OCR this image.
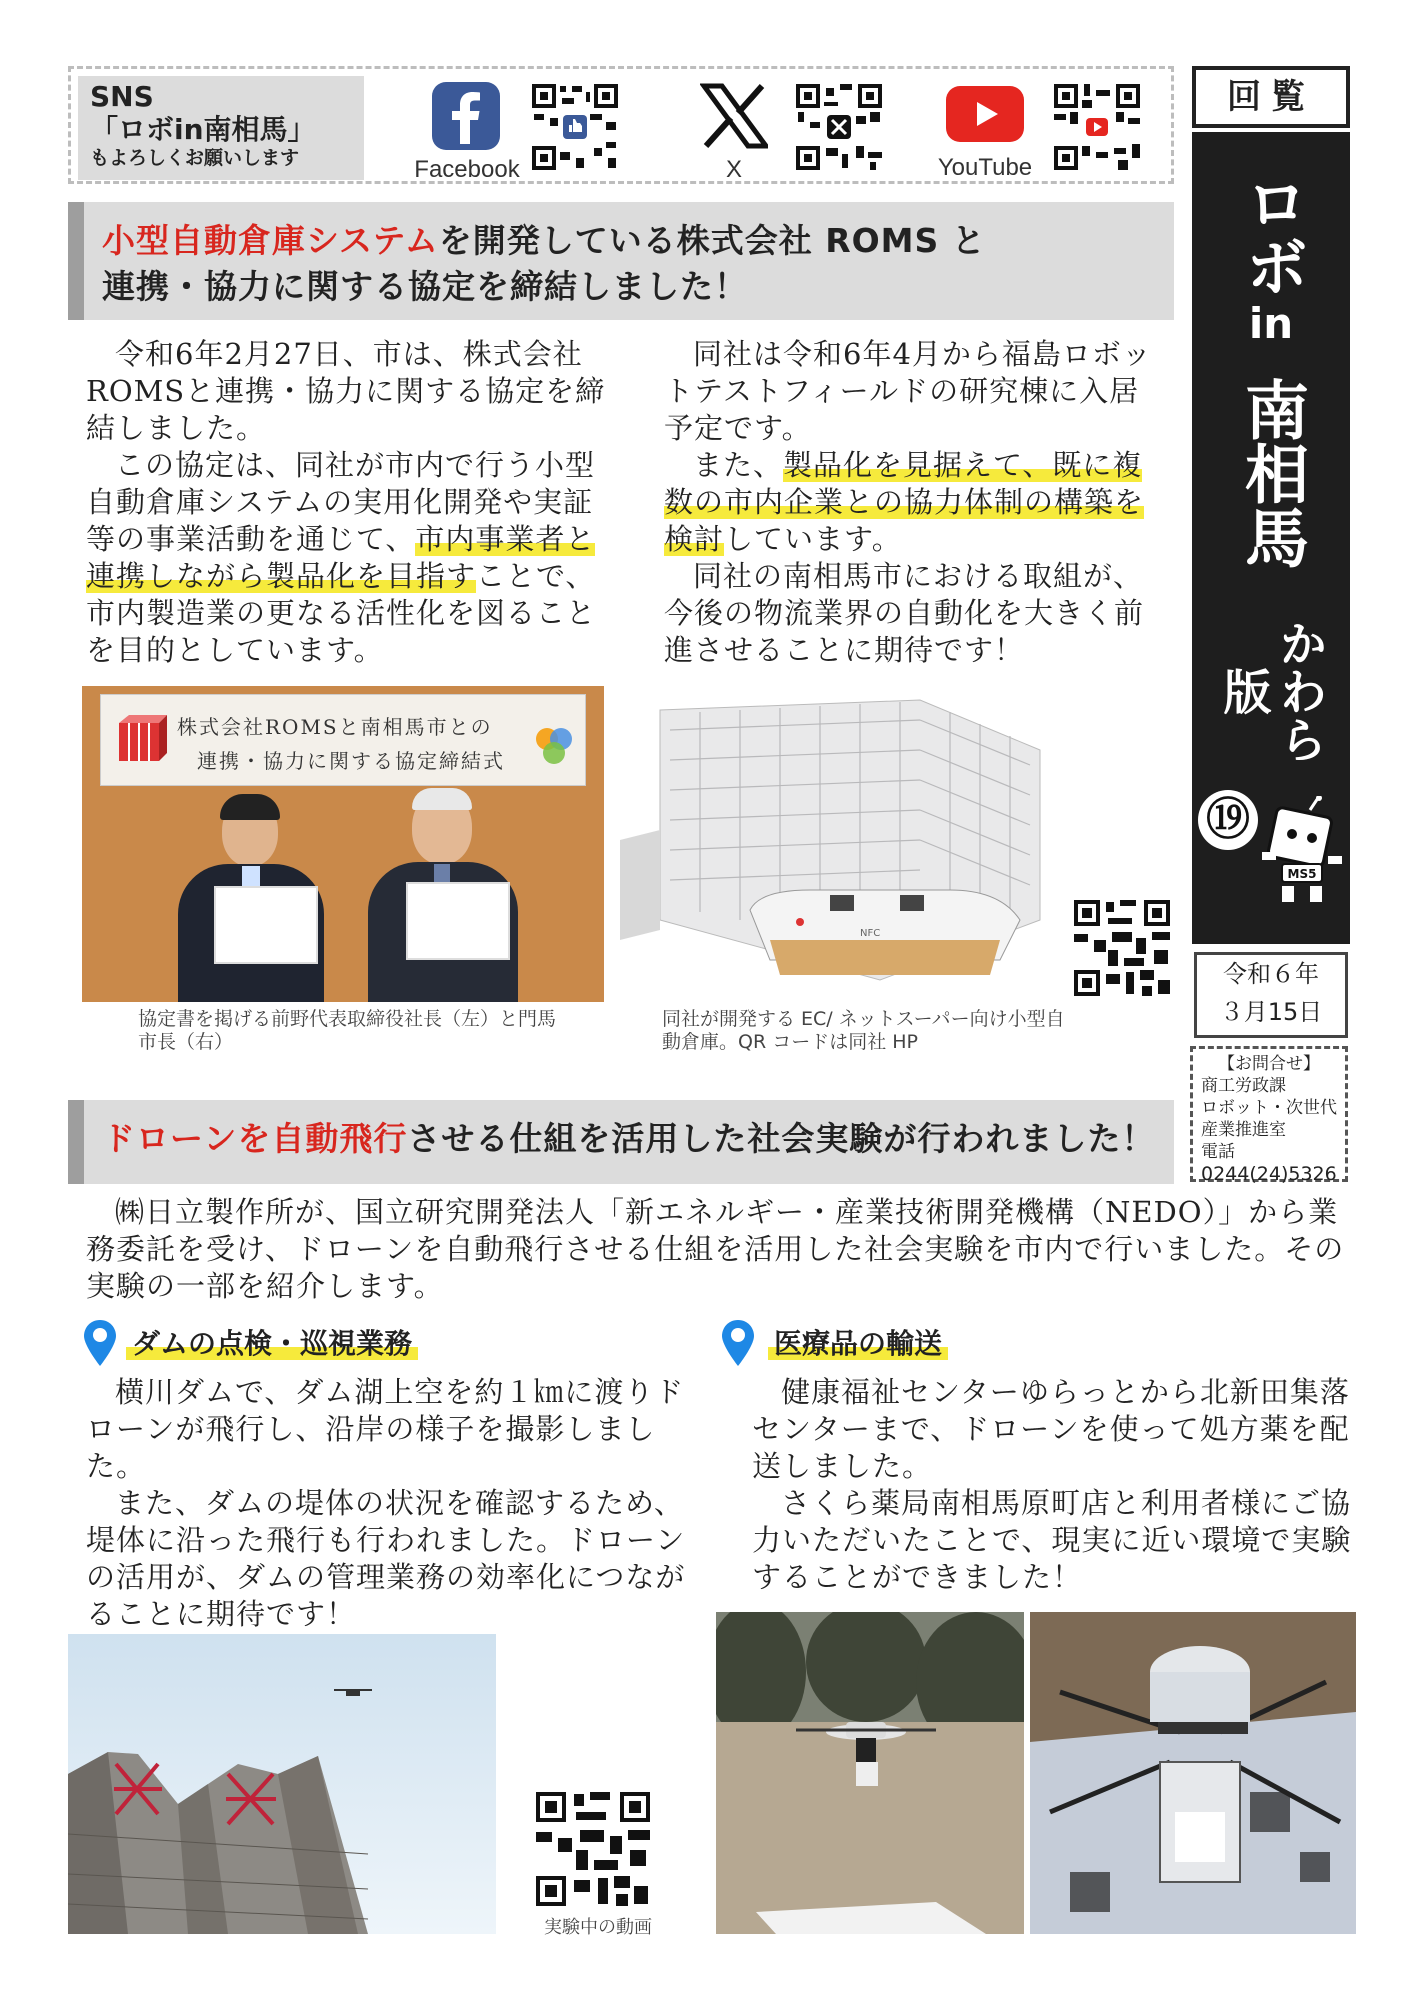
SNS
「ロボin南相馬」
もよろしくお願いします	Facebook	X	YouTube
回覧
ロボ
in
南相馬
かわら版
⑲
MS5
令和６年
３月15日
【お問合せ】
商工労政課
ロボット・次世代
産業推進室
電話
0244(24)5326
小型自動倉庫システムを開発している株式会社 ROMS と
連携・協力に関する協定を締結しました！

令和6年2月27日、市は、株式会社ROMSと連携・協力に関する協定を締結しました。

この協定は、同社が市内で行う小型自動倉庫システムの実用化開発や実証等の事業活動を通じて、市内事業者と連携しながら製品化を目指すことで、市内製造業の更なる活性化を図ることを目的としています。

同社は令和6年4月から福島ロボットテストフィールドの研究棟に入居予定です。

また、製品化を見据えて、既に複数の市内企業との協力体制の構築を検討しています。

同社の南相馬市における取組が、今後の物流業界の自動化を大きく前進させることに期待です！

株式会社ROMSと南相馬市との
連携・協力に関する協定締結式
NFC
協定書を掲げる前野代表取締役社長（左）と門馬市長（右）
同社が開発する EC/ ネットスーパー向け小型自動倉庫。QR コードは同社 HP
ドローンを自動飛行させる仕組を活用した社会実験が行われました！
㈱日立製作所が、国立研究開発法人「新エネルギー・産業技術開発機構（NEDO）」から業務委託を受け、ドローンを自動飛行させる仕組を活用した社会実験を市内で行いました。その実験の一部を紹介します。
ダムの点検・巡視業務

横川ダムで、ダム湖上空を約１㎞に渡りドローンが飛行し、沿岸の様子を撮影しました。

また、ダムの堤体の状況を確認するため、堤体に沿った飛行も行われました。ドローンの活用が、ダムの管理業務の効率化につながることに期待です！

医療品の輸送

健康福祉センターゆらっとから北新田集落センターまで、ドローンを使って処方薬を配送しました。

さくら薬局南相馬原町店と利用者様にご協力いただいたことで、現実に近い環境で実験することができました！

実験中の動画
